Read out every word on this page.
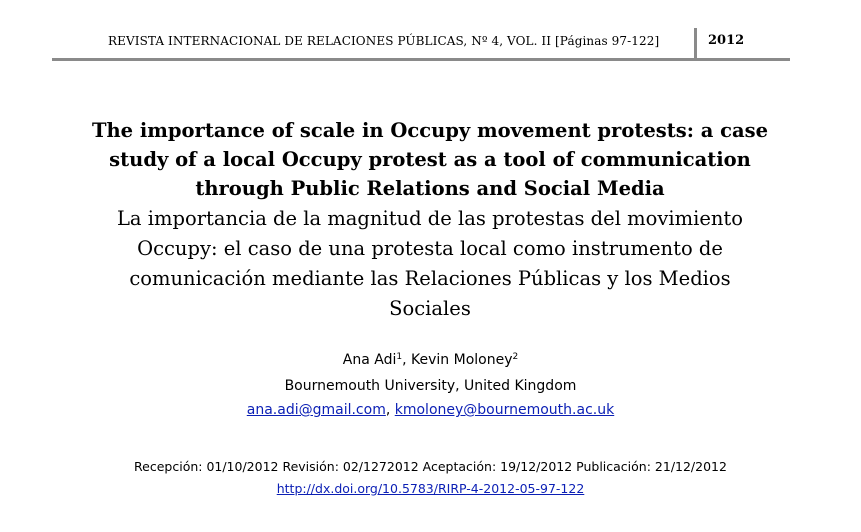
REVISTA INTERNACIONAL DE RELACIONES PÚBLICAS, Nº 4, VOL. II [Páginas 97-122]	2012
The importance of scale in Occupy movement protests: a case
study of a local Occupy protest as a tool of communication
through Public Relations and Social Media
La importancia de la magnitud de las protestas del movimiento
Occupy: el caso de una protesta local como instrumento de
comunicación mediante las Relaciones Públicas y los Medios
Sociales
Ana Adi$^1$, Kevin Moloney$^2$
Bournemouth University, United Kingdom
ana.adi@gmail.com, kmoloney@bournemouth.ac.uk
Recepción: 01/10/2012 Revisión: 02/1272012 Aceptación: 19/12/2012 Publicación: 21/12/2012
http://dx.doi.org/10.5783/RIRP-4-2012-05-97-122
